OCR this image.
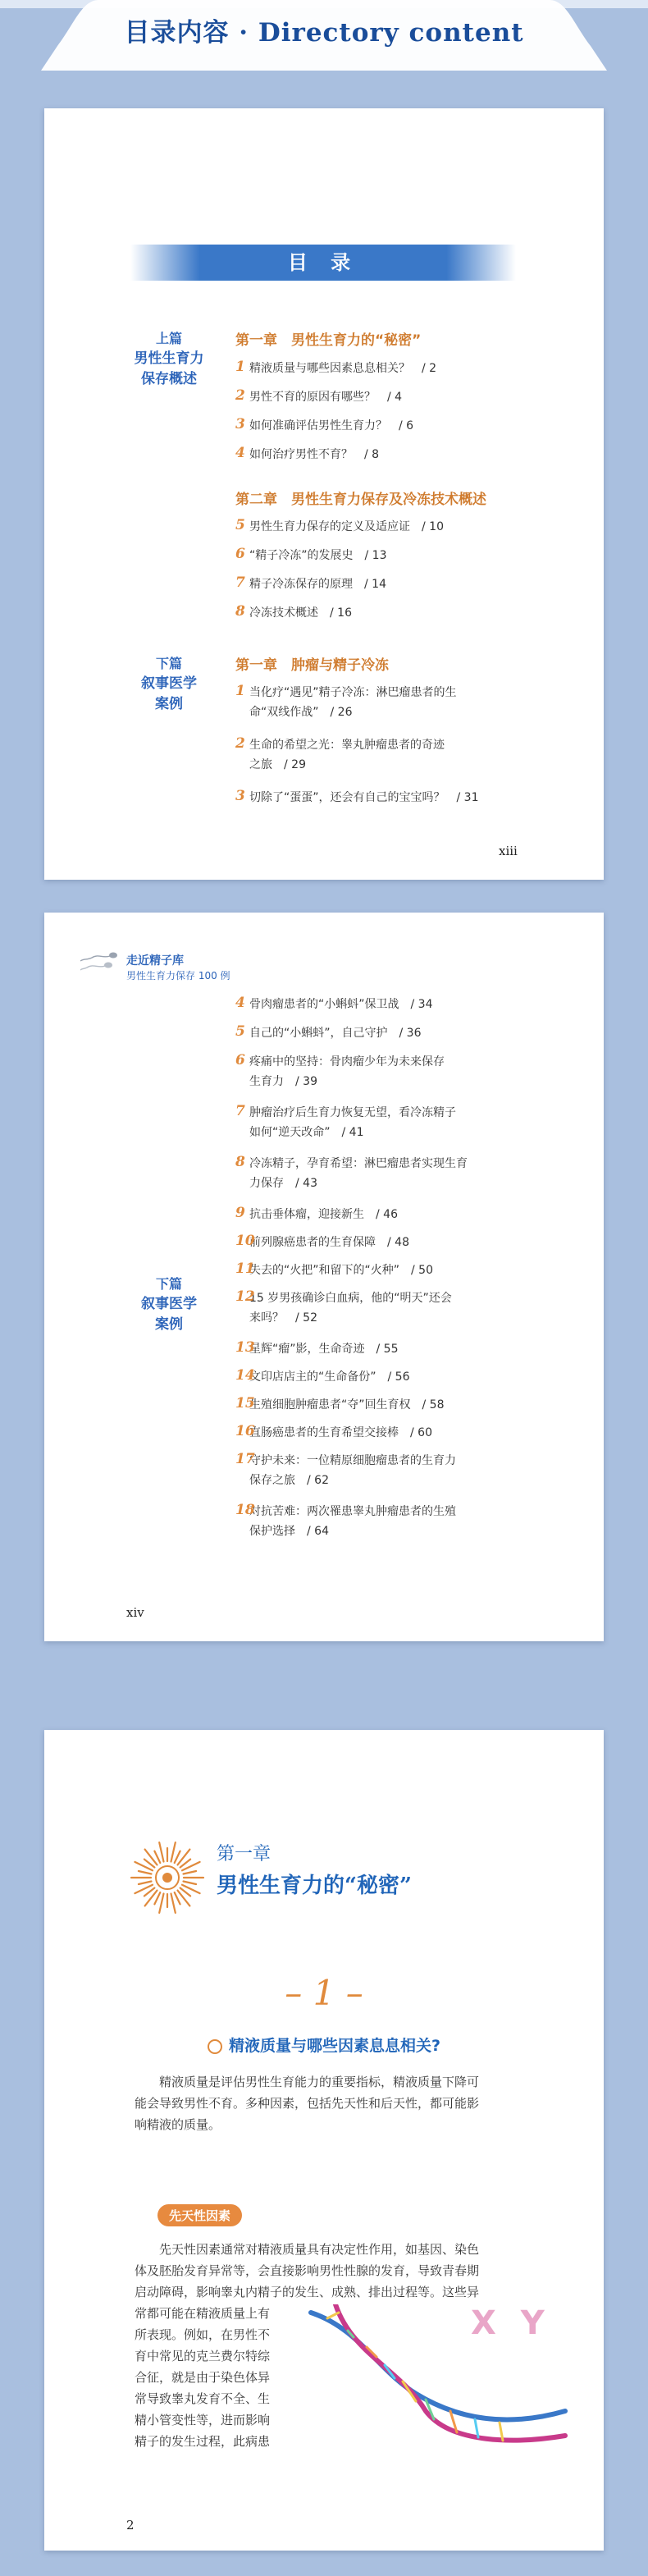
目录内容 · Directory content
目 录
上篇
男性生育力
保存概述
第一章　男性生育力的“秘密”
1 精液质量与哪些因素息息相关？　/ 2
2 男性不育的原因有哪些？　/ 4
3 如何准确评估男性生育力？　/ 6
4 如何治疗男性不育？　/ 8
第二章　男性生育力保存及冷冻技术概述
5 男性生育力保存的定义及适应证　/ 10
6 “精子冷冻”的发展史　/ 13
7 精子冷冻保存的原理　/ 14
8 冷冻技术概述　/ 16
下篇
叙事医学
案例
第一章　肿瘤与精子冷冻
1 当化疗“遇见”精子冷冻：淋巴瘤患者的生
命“双线作战”　/ 26
2 生命的希望之光：睾丸肿瘤患者的奇迹
之旅　/ 29
3 切除了“蛋蛋”，还会有自己的宝宝吗？　/ 31
xiii
走近精子库
男性生育力保存 100 例
下篇
叙事医学
案例
4 骨肉瘤患者的“小蝌蚪”保卫战　/ 34
5 自己的“小蝌蚪”，自己守护　/ 36
6 疼痛中的坚持：骨肉瘤少年为未来保存
生育力　/ 39
7 肿瘤治疗后生育力恢复无望，看冷冻精子
如何“逆天改命”　/ 41
8 冷冻精子，孕育希望：淋巴瘤患者实现生育
力保存　/ 43
9 抗击垂体瘤，迎接新生　/ 46
10
前列腺癌患者的生育保障　/ 48
11
失去的“火把”和留下的“火种”　/ 50
12
15 岁男孩确诊白血病，他的“明天”还会
来吗？　/ 52
13
星辉“瘤”影，生命奇迹　/ 55
14
文印店店主的“生命备份”　/ 56
15
生殖细胞肿瘤患者“夺”回生育权　/ 58
16
直肠癌患者的生育希望交接棒　/ 60
17
守护未来：一位精原细胞瘤患者的生育力
保存之旅　/ 62
18
对抗苦难：两次罹患睾丸肿瘤患者的生殖
保护选择　/ 64
xiv
第一章
男性生育力的“秘密”
– 1 –
精液质量与哪些因素息息相关?
精液质量是评估男性生育能力的重要指标，精液质量下降可
能会导致男性不育。多种因素，包括先天性和后天性，都可能影
响精液的质量。
先天性因素
先天性因素通常对精液质量具有决定性作用，如基因、染色
体及胚胎发育异常等，会直接影响男性性腺的发育，导致青春期
启动障碍，影响睾丸内精子的发生、成熟、排出过程等。这些异
常都可能在精液质量上有
所表现。例如，在男性不
育中常见的克兰费尔特综
合征，就是由于染色体异
常导致睾丸发育不全、生
精小管变性等，进而影响
精子的发生过程，此病患
X Y
2
